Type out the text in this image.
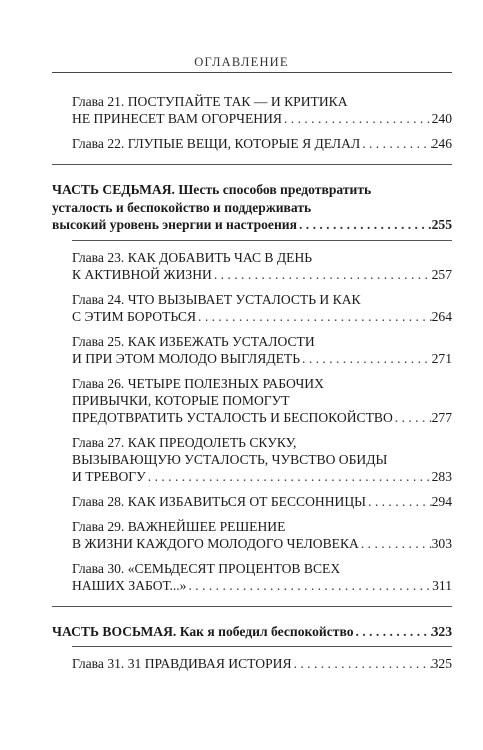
ОГЛАВЛЕНИЕ
Глава 21. ПОСТУПАЙТЕ ТАК — И КРИТИКА
НЕ ПРИНЕСЕТ ВАМ ОГОРЧЕНИЯ . . .	240
Глава 22. ГЛУПЫЕ ВЕЩИ, КОТОРЫЕ Я ДЕЛАЛ . . .	246
ЧАСТЬ СЕДЬМАЯ. Шесть способов предотвратить
усталость и беспокойство и поддерживать
высокий уровень энергии и настроения . . .	255
Глава 23. КАК ДОБАВИТЬ ЧАС В ДЕНЬ
К АКТИВНОЙ ЖИЗНИ . . .	257
Глава 24. ЧТО ВЫЗЫВАЕТ УСТАЛОСТЬ И КАК
С ЭТИМ БОРОТЬСЯ . . .	264
Глава 25. КАК ИЗБЕЖАТЬ УСТАЛОСТИ
И ПРИ ЭТОМ МОЛОДО ВЫГЛЯДЕТЬ . . .	271
Глава 26. ЧЕТЫРЕ ПОЛЕЗНЫХ РАБОЧИХ
ПРИВЫЧКИ, КОТОРЫЕ ПОМОГУТ
ПРЕДОТВРАТИТЬ УСТАЛОСТЬ И БЕСПОКОЙСТВО . . .	277
Глава 27. КАК ПРЕОДОЛЕТЬ СКУКУ,
ВЫЗЫВАЮЩУЮ УСТАЛОСТЬ, ЧУВСТВО ОБИДЫ
И ТРЕВОГУ . . .	283
Глава 28. КАК ИЗБАВИТЬСЯ ОТ БЕССОННИЦЫ . . .	294
Глава 29. ВАЖНЕЙШЕЕ РЕШЕНИЕ
В ЖИЗНИ КАЖДОГО МОЛОДОГО ЧЕЛОВЕКА . . .	303
Глава 30. «СЕМЬДЕСЯТ ПРОЦЕНТОВ ВСЕХ
НАШИХ ЗАБОТ...» . . .	311
ЧАСТЬ ВОСЬМАЯ. Как я победил беспокойство . . .	323
Глава 31. 31 ПРАВДИВАЯ ИСТОРИЯ . . .	325
